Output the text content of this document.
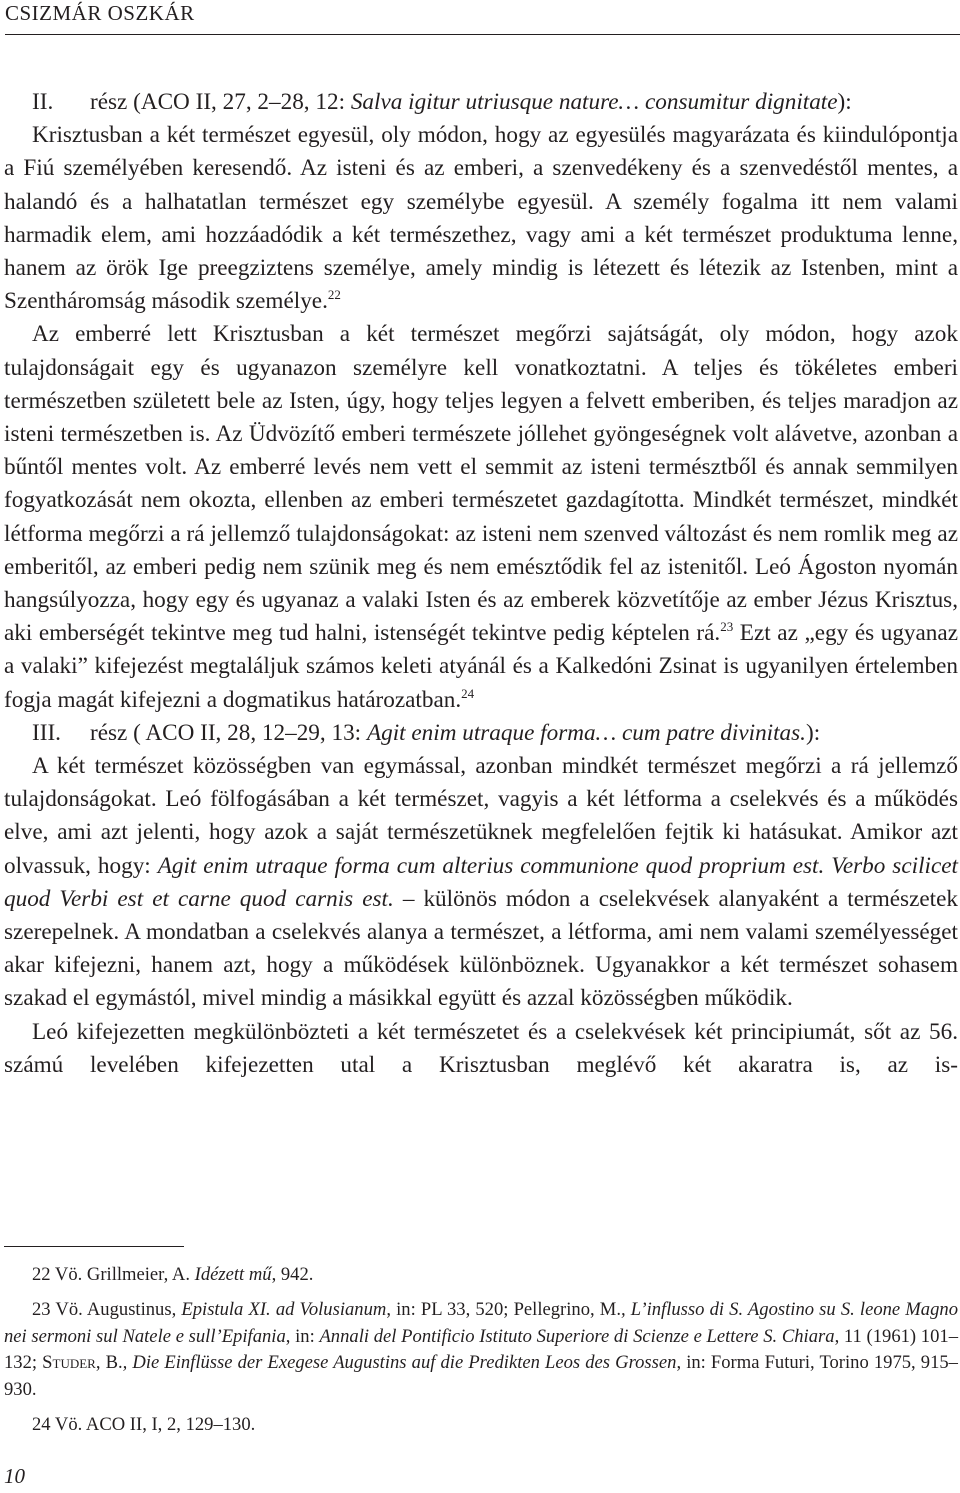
CSIZMÁR OSZKÁR

II. rész (ACO II, 27, 2–28, 12: Salva igitur utriusque nature… consumitur dignitate):

Krisztusban a két természet egyesül, oly módon, hogy az egyesülés magyarázata és kiindulópontja a Fiú személyében keresendő. Az isteni és az emberi, a szenvedékeny és a szenvedéstől mentes, a halandó és a halhatatlan természet egy személybe egyesül. A személy fogalma itt nem valami harmadik elem, ami hozzáadódik a két természethez, vagy ami a két természet produktuma lenne, hanem az örök Ige preegziztens személye, amely mindig is létezett és létezik az Istenben, mint a Szentháromság második személye.$^{22}$

Az emberré lett Krisztusban a két természet megőrzi sajátságát, oly módon, hogy azok tulajdonságait egy és ugyanazon személyre kell vonatkoztatni. A teljes és tökéletes emberi természetben született bele az Isten, úgy, hogy teljes legyen a felvett emberiben, és teljes maradjon az isteni természetben is. Az Üdvözítő emberi természete jóllehet gyöngeségnek volt alávetve, azonban a bűntől mentes volt. Az emberré levés nem vett el semmit az isteni természtből és annak semmilyen fogyatkozását nem okozta, ellenben az emberi természetet gazdagította. Mindkét természet, mindkét létforma megőrzi a rá jellemző tulajdonságokat: az isteni nem szenved változást és nem romlik meg az emberitől, az emberi pedig nem szünik meg és nem emésztődik fel az istenitől. Leó Ágoston nyomán hangsúlyozza, hogy egy és ugyanaz a valaki Isten és az emberek közvetítője az ember Jézus Krisztus, aki emberségét tekintve meg tud halni, istenségét tekintve pedig képtelen rá.$^{23}$ Ezt az „egy és ugyanaz a valaki” kifejezést megtaláljuk számos keleti atyánál és a Kalkedóni Zsinat is ugyanilyen értelemben fogja magát kifejezni a dogmatikus határozatban.$^{24}$

III. rész ( ACO II, 28, 12–29, 13: Agit enim utraque forma… cum patre divinitas.):

A két természet közösségben van egymással, azonban mindkét természet megőrzi a rá jellemző tulajdonságokat. Leó fölfogásában a két természet, vagyis a két létforma a cselekvés és a működés elve, ami azt jelenti, hogy azok a saját természetüknek megfelelően fejtik ki hatásukat. Amikor azt olvassuk, hogy: Agit enim utraque forma cum alterius communione quod proprium est. Verbo scilicet quod Verbi est et carne quod carnis est. – különös módon a cselekvések alanyaként a természetek szerepelnek. A mondatban a cselekvés alanya a természet, a létforma, ami nem valami személyességet akar kifejezni, hanem azt, hogy a működések különböznek. Ugyanakkor a két természet sohasem szakad el egymástól, mivel mindig a másikkal együtt és azzal közösségben működik.

Leó kifejezetten megkülönbözteti a két természetet és a cselekvések két principiumát, sőt az 56. számú levelében kifejezetten utal a Krisztusban meglévő két akaratra is, az is-

22 Vö. Grillmeier, A. Idézett mű, 942.

23 Vö. Augustinus, Epistula XI. ad Volusianum, in: PL 33, 520; Pellegrino, M., L’influsso di S. Agostino su S. leone Magno nei sermoni sul Natele e sull’Epifania, in: Annali del Pontificio Istituto Superiore di Scienze e Lettere S. Chiara, 11 (1961) 101–132; Studer, B., Die Einflüsse der Exegese Augustins auf die Predikten Leos des Grossen, in: Forma Futuri, Torino 1975, 915–930.

24 Vö. ACO II, I, 2, 129–130.

10
